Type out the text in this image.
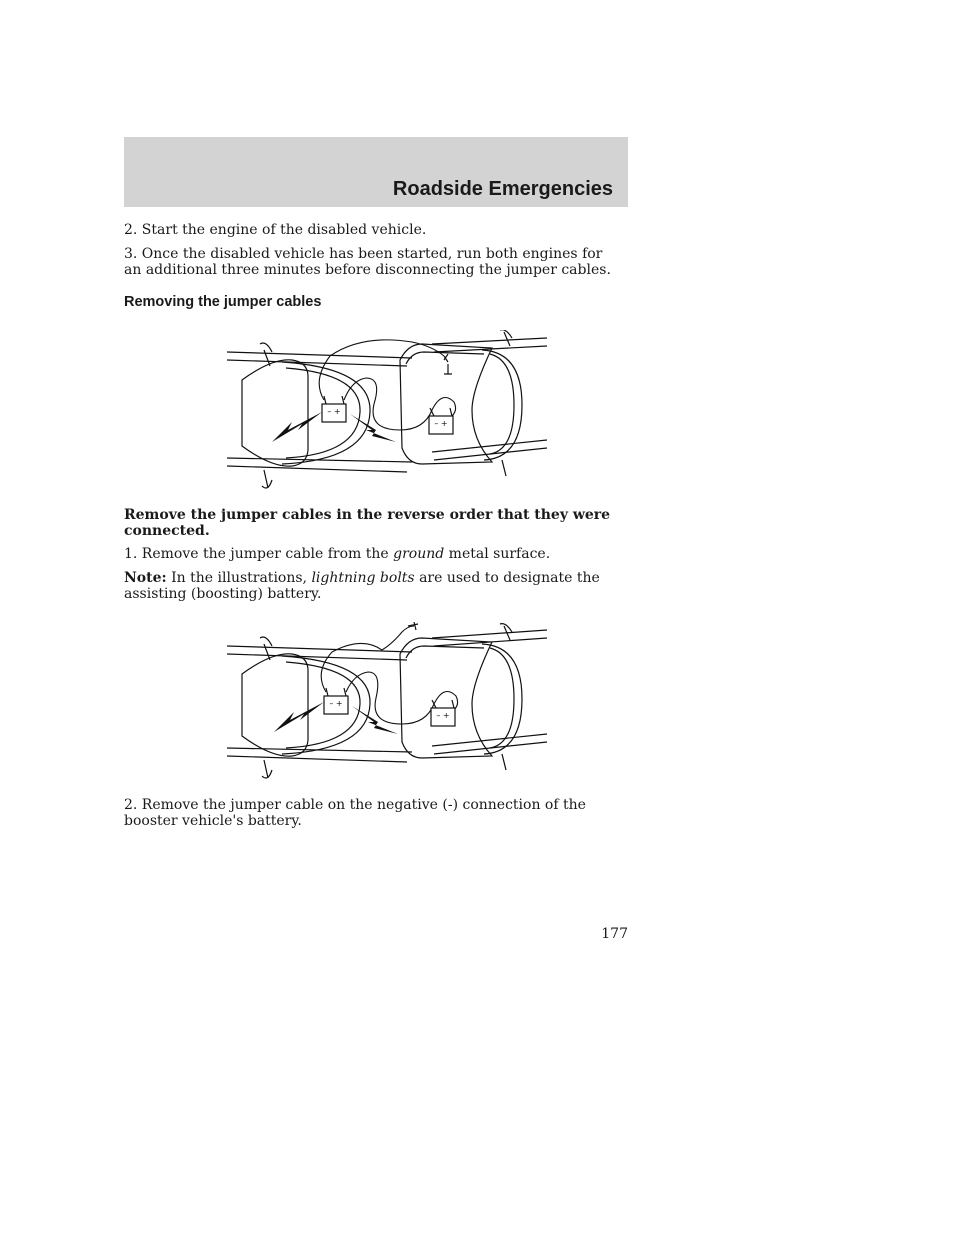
Roadside Emergencies

2. Start the engine of the disabled vehicle.

3. Once the disabled vehicle has been started, run both engines for an additional three minutes before disconnecting the jumper cables.

Removing the jumper cables
– +
– +

Remove the jumper cables in the reverse order that they were connected.

1. Remove the jumper cable from the ground metal surface.

Note: In the illustrations, lightning bolts are used to designate the assisting (boosting) battery.

– +
– +

2. Remove the jumper cable on the negative (-) connection of the booster vehicle's battery.

177
